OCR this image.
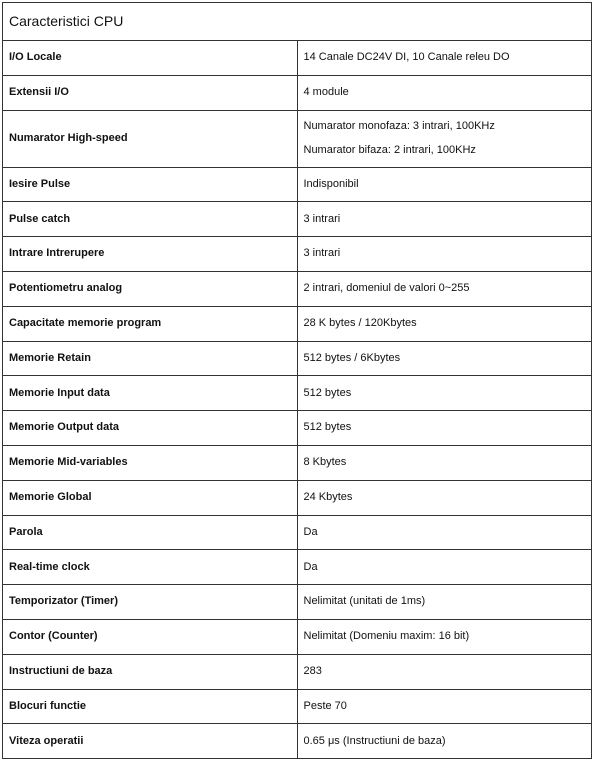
Caracteristici CPU	
I/O Locale	14 Canale DC24V DI, 10 Canale releu DO

Extensii I/O	4 module

Numarator High-speed	Numarator monofaza: 3 intrari, 100KHz
Numarator bifaza: 2 intrari, 100KHz

Iesire Pulse	Indisponibil

Pulse catch	3 intrari

Intrare Intrerupere	3 intrari

Potentiometru analog	2 intrari, domeniul de valori 0~255

Capacitate memorie program	28 K bytes / 120Kbytes

Memorie Retain	512 bytes / 6Kbytes

Memorie Input data	512 bytes

Memorie Output data	512 bytes

Memorie Mid-variables	8 Kbytes

Memorie Global	24 Kbytes

Parola	Da

Real-time clock	Da

Temporizator (Timer)	Nelimitat (unitati de 1ms)

Contor (Counter)	Nelimitat (Domeniu maxim: 16 bit)

Instructiuni de baza	283

Blocuri functie	Peste 70

Viteza operatii	0.65 μs (Instructiuni de baza)
